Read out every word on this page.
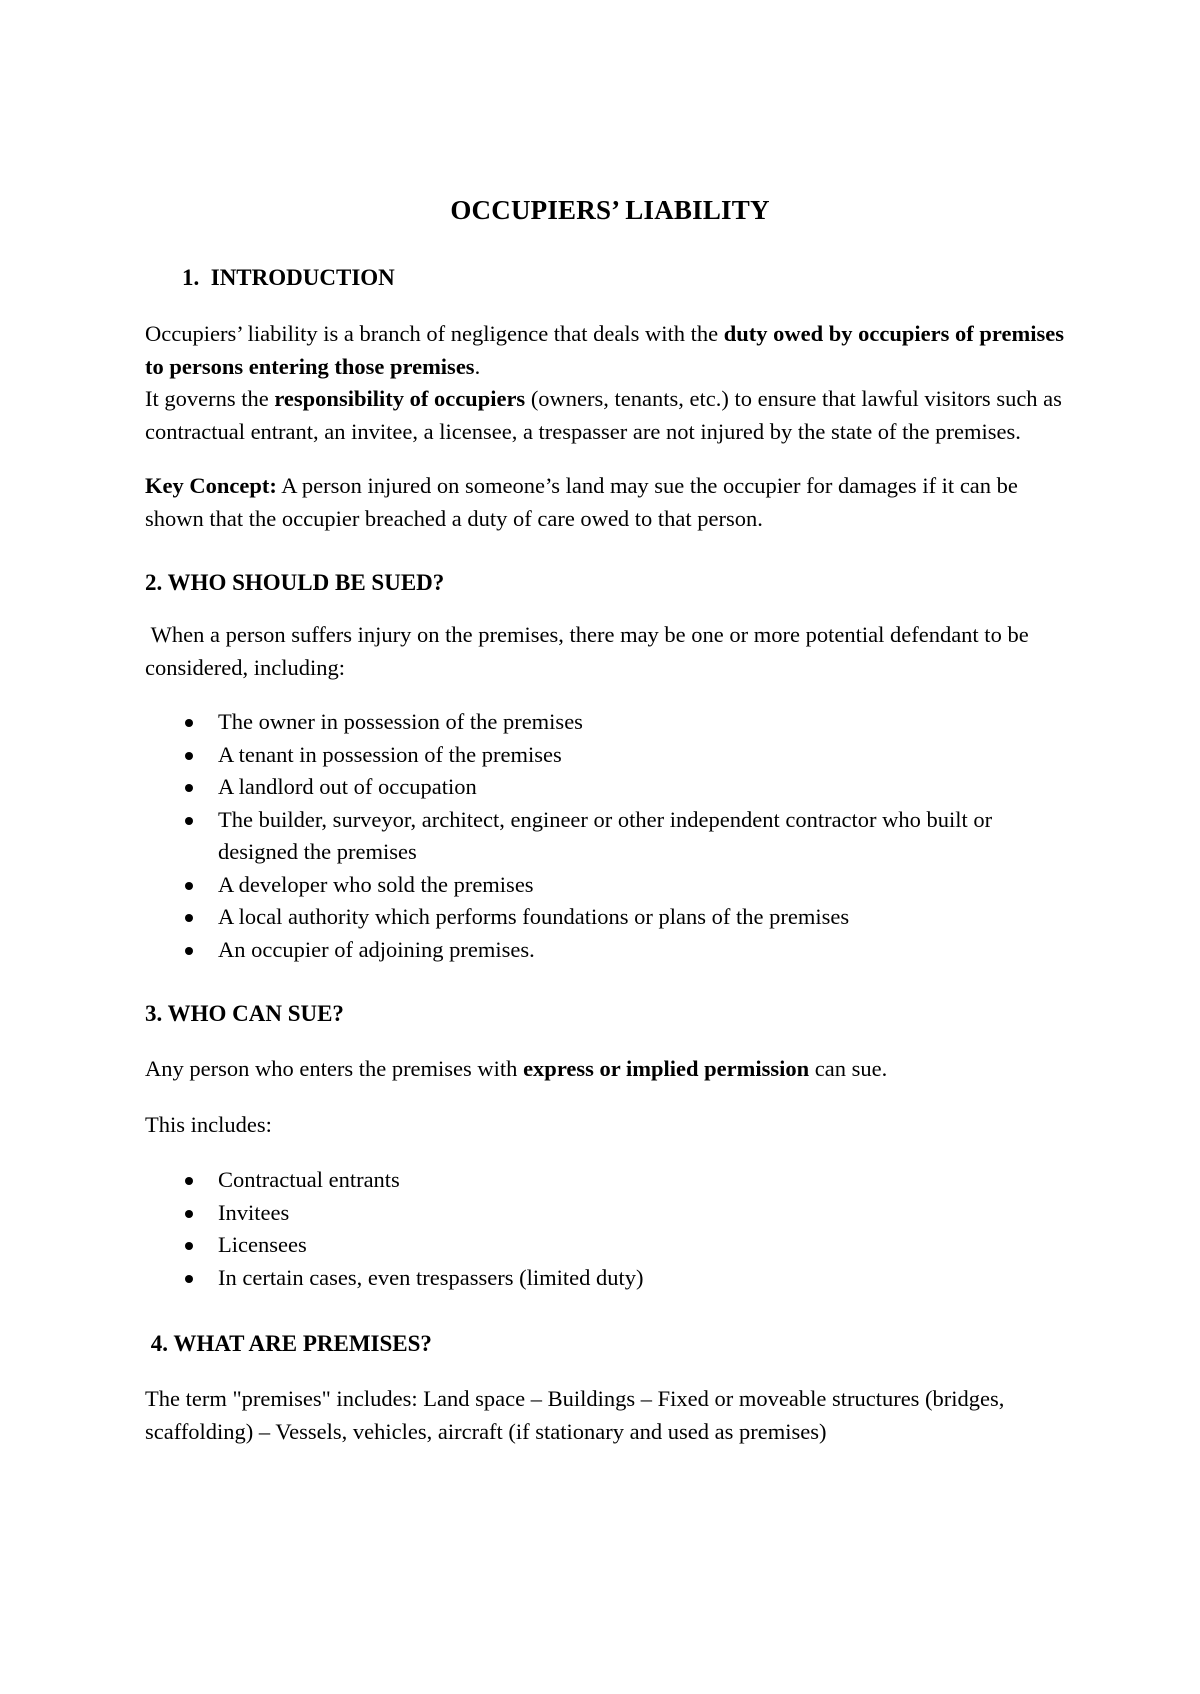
OCCUPIERS’ LIABILITY
1.  INTRODUCTION

Occupiers’ liability is a branch of negligence that deals with the duty owed by occupiers of premises to persons entering those premises.

It governs the responsibility of occupiers (owners, tenants, etc.) to ensure that lawful visitors such as contractual entrant, an invitee, a licensee, a trespasser are not injured by the state of the premises.

Key Concept: A person injured on someone’s land may sue the occupier for damages if it can be shown that the occupier breached a duty of care owed to that person.

2. WHO SHOULD BE SUED?

When a person suffers injury on the premises, there may be one or more potential defendant to be considered, including:

The owner in possession of the premises
A tenant in possession of the premises
A landlord out of occupation
The builder, surveyor, architect, engineer or other independent contractor who built or designed the premises
A developer who sold the premises
A local authority which performs foundations or plans of the premises
An occupier of adjoining premises.
3. WHO CAN SUE?

Any person who enters the premises with express or implied permission can sue.

This includes:

Contractual entrants
Invitees
Licensees
In certain cases, even trespassers (limited duty)
4. WHAT ARE PREMISES?

The term "premises" includes: Land space – Buildings – Fixed or moveable structures (bridges, scaffolding) – Vessels, vehicles, aircraft (if stationary and used as premises)
